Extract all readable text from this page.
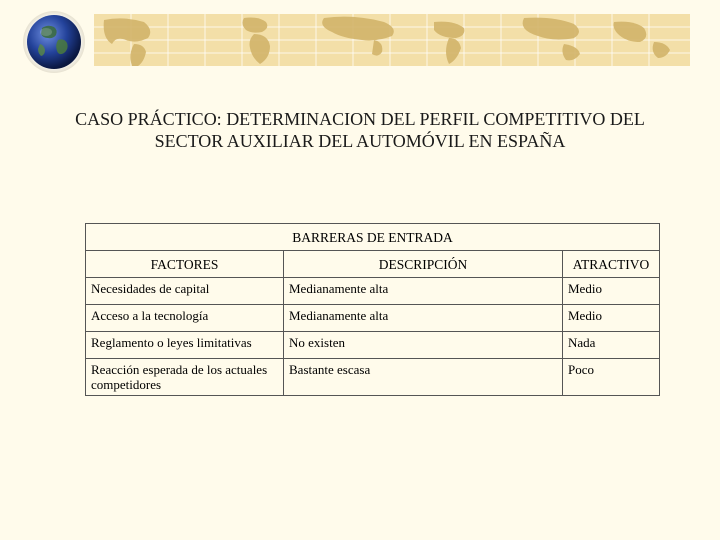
CASO PRÁCTICO: DETERMINACION DEL PERFIL COMPETITIVO DEL
SECTOR AUXILIAR DEL AUTOMÓVIL EN ESPAÑA
BARRERAS DE ENTRADA		
FACTORES	DESCRIPCIÓN	ATRACTIVO
Necesidades de capital	Medianamente alta	Medio
Acceso a la tecnología	Medianamente alta	Medio
Reglamento o leyes limitativas	No existen	Nada
Reacción esperada de los actuales competidores	Bastante escasa	Poco
